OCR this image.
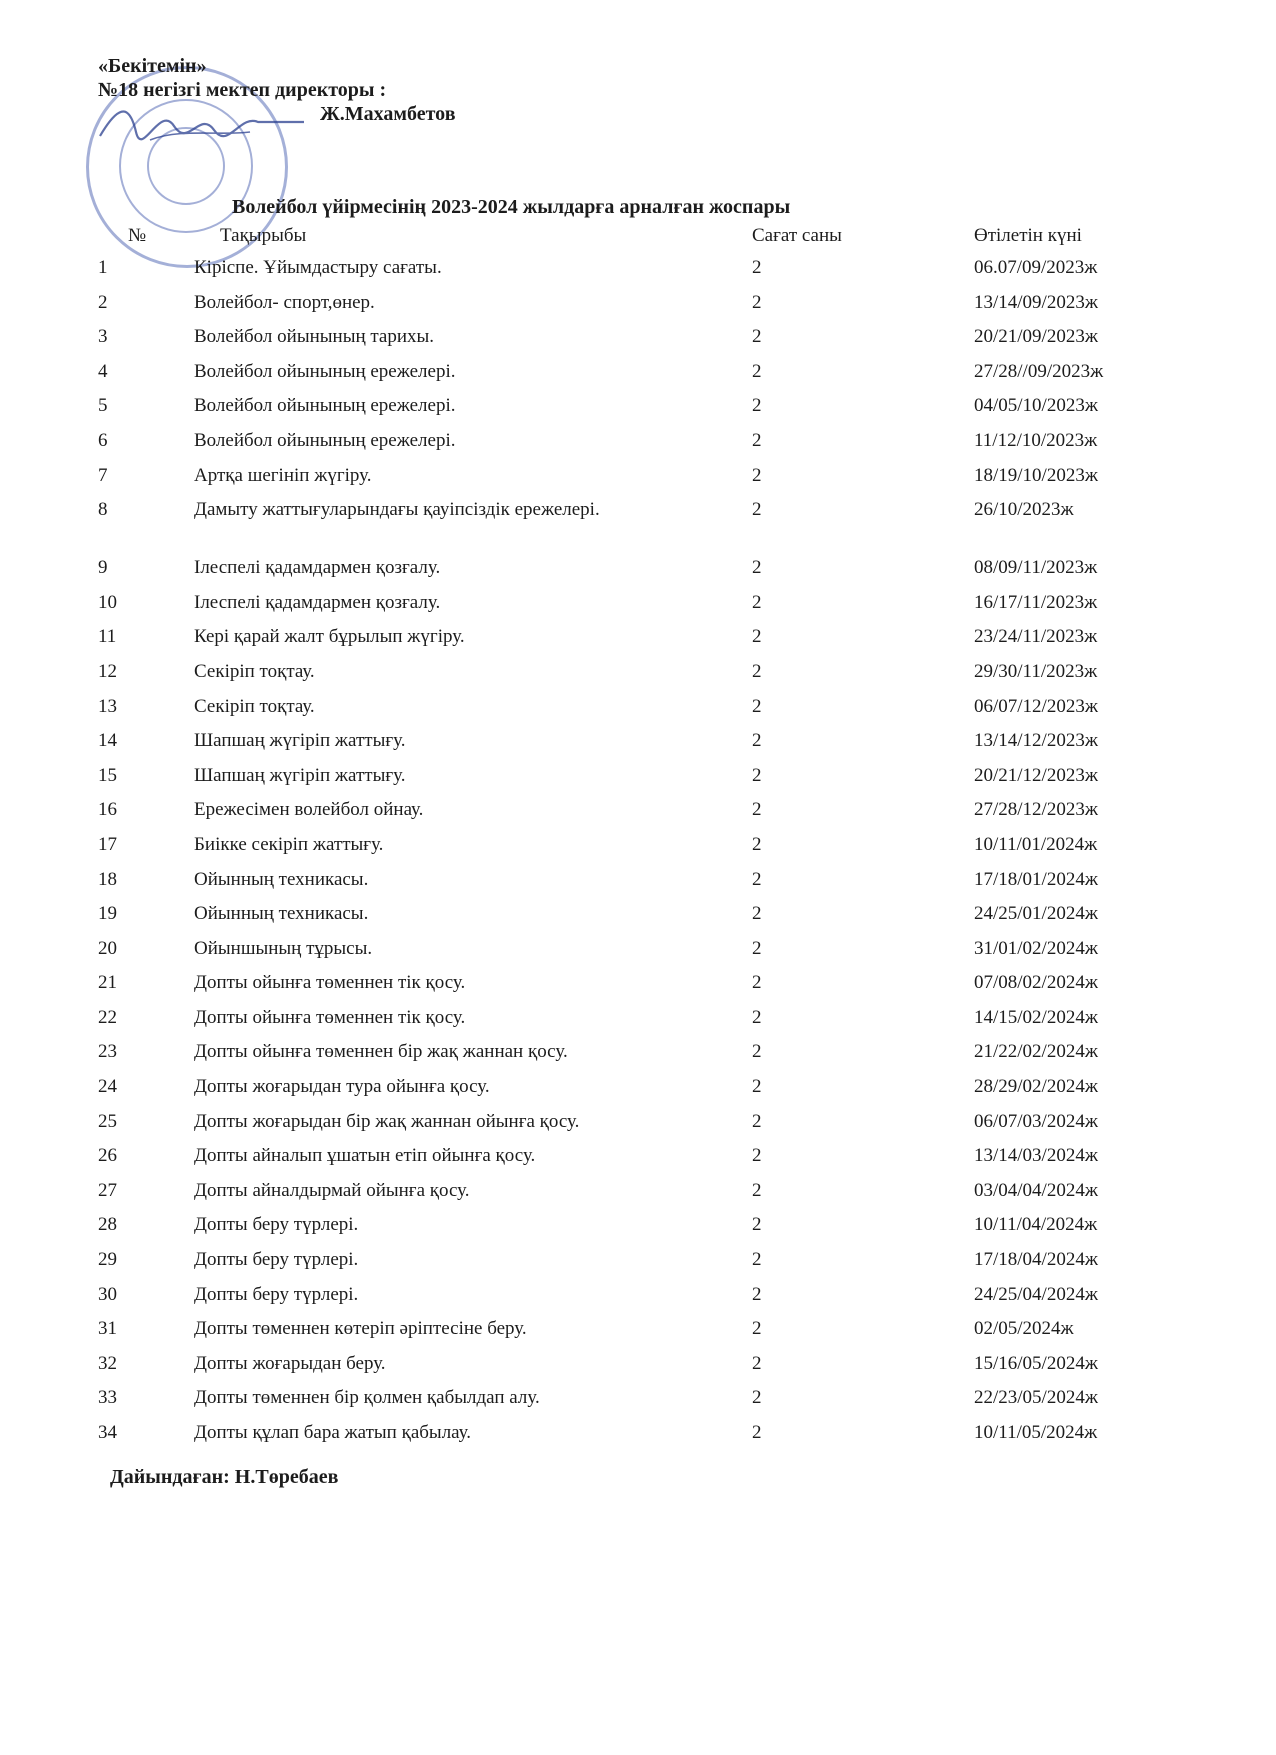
«Бекітемін»
№18 негізгі мектеп директоры :
Ж.Махамбетов
Волейбол үйірмесінің 2023-2024 жылдарға арналған жоспары
№	Тақырыбы	Сағат саны	Өтілетін күні
1	Кіріспе. Ұйымдастыру сағаты.	2	06.07/09/2023ж
2	Волейбол- спорт,өнер.	2	13/14/09/2023ж
3	Волейбол ойынының тарихы.	2	20/21/09/2023ж
4	Волейбол ойынының ережелері.	2	27/28//09/2023ж
5	Волейбол ойынының ережелері.	2	04/05/10/2023ж
6	Волейбол ойынының ережелері.	2	11/12/10/2023ж
7	Артқа шегініп жүгіру.	2	18/19/10/2023ж
8	Дамыту жаттығуларындағы қауіпсіздік ережелері.	2	26/10/2023ж
9	Ілеспелі қадамдармен қозғалу.	2	08/09/11/2023ж
10	Ілеспелі қадамдармен қозғалу.	2	16/17/11/2023ж
11	Кері қарай жалт бұрылып жүгіру.	2	23/24/11/2023ж
12	Секіріп тоқтау.	2	29/30/11/2023ж
13	Секіріп тоқтау.	2	06/07/12/2023ж
14	Шапшаң жүгіріп жаттығу.	2	13/14/12/2023ж
15	Шапшаң жүгіріп жаттығу.	2	20/21/12/2023ж
16	Ережесімен волейбол ойнау.	2	27/28/12/2023ж
17	Биікке секіріп жаттығу.	2	10/11/01/2024ж
18	Ойынның техникасы.	2	17/18/01/2024ж
19	Ойынның техникасы.	2	24/25/01/2024ж
20	Ойыншының тұрысы.	2	31/01/02/2024ж
21	Допты ойынға төменнен тік қосу.	2	07/08/02/2024ж
22	Допты ойынға төменнен тік қосу.	2	14/15/02/2024ж
23	Допты ойынға төменнен бір жақ жаннан қосу.	2	21/22/02/2024ж
24	Допты жоғарыдан тура ойынға қосу.	2	28/29/02/2024ж
25	Допты жоғарыдан бір жақ жаннан ойынға қосу.	2	06/07/03/2024ж
26	Допты айналып ұшатын етіп ойынға қосу.	2	13/14/03/2024ж
27	Допты айналдырмай ойынға қосу.	2	03/04/04/2024ж
28	Допты беру түрлері.	2	10/11/04/2024ж
29	Допты беру түрлері.	2	17/18/04/2024ж
30	Допты беру түрлері.	2	24/25/04/2024ж
31	Допты төменнен көтеріп әріптесіне беру.	2	02/05/2024ж
32	Допты жоғарыдан беру.	2	15/16/05/2024ж
33	Допты төменнен бір қолмен қабылдап алу.	2	22/23/05/2024ж
34	Допты құлап бара жатып қабылау.	2	10/11/05/2024ж
Дайындаған: Н.Төребаев
